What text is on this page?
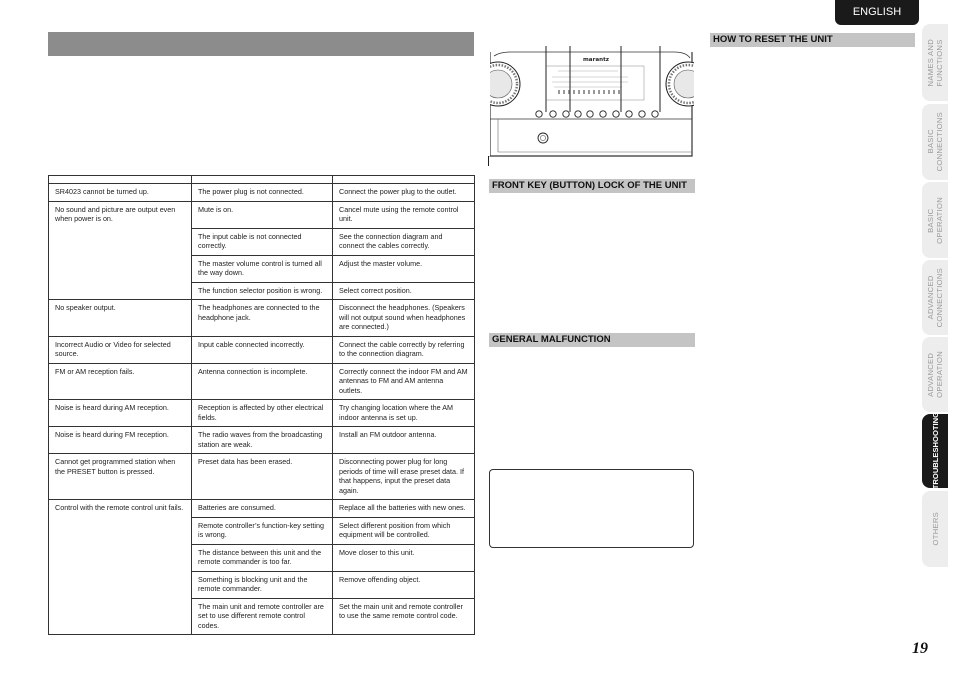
ENGLISH

SR4023 cannot be turned up.	The power plug is not connected.	Connect the power plug to the outlet.
No sound and picture are output even when power is on.	Mute is on.	Cancel mute using the remote control unit.
	The input cable is not connected correctly.	See the connection diagram and connect the cables correctly.
	The master volume control is turned all the way down.	Adjust the master volume.
	The function selector position is wrong.	Select correct position.
No speaker output.	The headphones are connected to the headphone jack.	Disconnect the headphones. (Speakers will not output sound when headphones are connected.)
Incorrect Audio or Video for selected source.	Input cable connected incorrectly.	Connect the cable correctly by referring to the connection diagram.
FM or AM reception fails.	Antenna connection is incomplete.	Correctly connect the indoor FM and AM antennas to FM and AM antenna outlets.
Noise is heard during AM reception.	Reception is affected by other electrical fields.	Try changing location where the AM indoor antenna is set up.
Noise is heard during FM reception.	The radio waves from the broadcasting station are weak.	Install an FM outdoor antenna.
Cannot get programmed station when the PRESET button is pressed.	Preset data has been erased.	Disconnecting power plug for long periods of time will erase preset data. If that happens, input the preset data again.
Control with the remote control unit fails.	Batteries are consumed.	Replace all the batteries with new ones.
	Remote controller’s function-key setting is wrong.	Select different position from which equipment will be controlled.
	The distance between this unit and the remote commander is too far.	Move closer to this unit.
	Something is blocking unit and the remote commander.	Remove offending object.
	The main unit and remote controller are set to use different remote control codes.	Set the main unit and remote controller to use the same remote control code.
marantz
FRONT KEY (BUTTON) LOCK OF THE UNIT
GENERAL MALFUNCTION
HOW TO RESET THE UNIT
NAMES AND
FUNCTIONS
BASIC
CONNECTIONS
BASIC
OPERATION
ADVANCED
CONNECTIONS
ADVANCED
OPERATION
TROUBLESHOOTING
OTHERS
19
